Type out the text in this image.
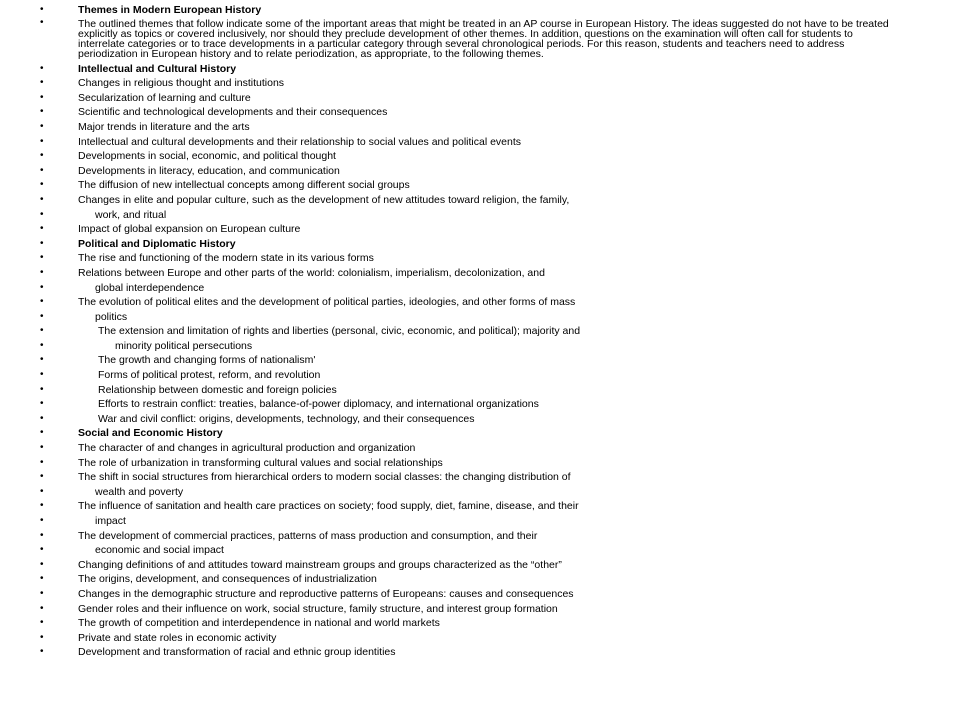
•	Themes in Modern European History
•	The outlined themes that follow indicate some of the important areas that might be treated in an AP course in European History. The ideas suggested do not have to be treated explicitly as topics or covered inclusively, nor should they preclude development of other themes. In addition, questions on the examination will often call for students to interrelate categories or to trace developments in a particular category through several chronological periods. For this reason, students and teachers need to address periodization in European history and to relate periodization, as appropriate, to the following themes.
•	Intellectual and Cultural History
•	Changes in religious thought and institutions
•	Secularization of learning and culture
•	Scientific and technological developments and their consequences
•	Major trends in literature and the arts
•	Intellectual and cultural developments and their relationship to social values and political events
•	Developments in social, economic, and political thought
•	Developments in literacy, education, and communication
•	The diffusion of new intellectual concepts among different social groups
•	Changes in elite and popular culture, such as the development of new attitudes toward religion, the family,
•	work, and ritual
•	Impact of global expansion on European culture
•	Political and Diplomatic History
•	The rise and functioning of the modern state in its various forms
•	Relations between Europe and other parts of the world: colonialism, imperialism, decolonization, and
•	global interdependence
•	The evolution of political elites and the development of political parties, ideologies, and other forms of mass
•	politics
•	The extension and limitation of rights and liberties (personal, civic, economic, and political); majority and
•	minority political persecutions
•	The growth and changing forms of nationalism'
•	Forms of political protest, reform, and revolution
•	Relationship between domestic and foreign policies
•	Efforts to restrain conflict: treaties, balance-of-power diplomacy, and international organizations
•	War and civil conflict: origins, developments, technology, and their consequences
•	Social and Economic History
•	The character of and changes in agricultural production and organization
•	The role of urbanization in transforming cultural values and social relationships
•	The shift in social structures from hierarchical orders to modern social classes: the changing distribution of
•	wealth and poverty
•	The influence of sanitation and health care practices on society; food supply, diet, famine, disease, and their
•	impact
•	The development of commercial practices, patterns of mass production and consumption, and their
•	economic and social impact
•	Changing definitions of and attitudes toward mainstream groups and groups characterized as the “other”
•	The origins, development, and consequences of industrialization
•	Changes in the demographic structure and reproductive patterns of Europeans: causes and consequences
•	Gender roles and their influence on work, social structure, family structure, and interest group formation
•	The growth of competition and interdependence in national and world markets
•	Private and state roles in economic activity
•	Development and transformation of racial and ethnic group identities
